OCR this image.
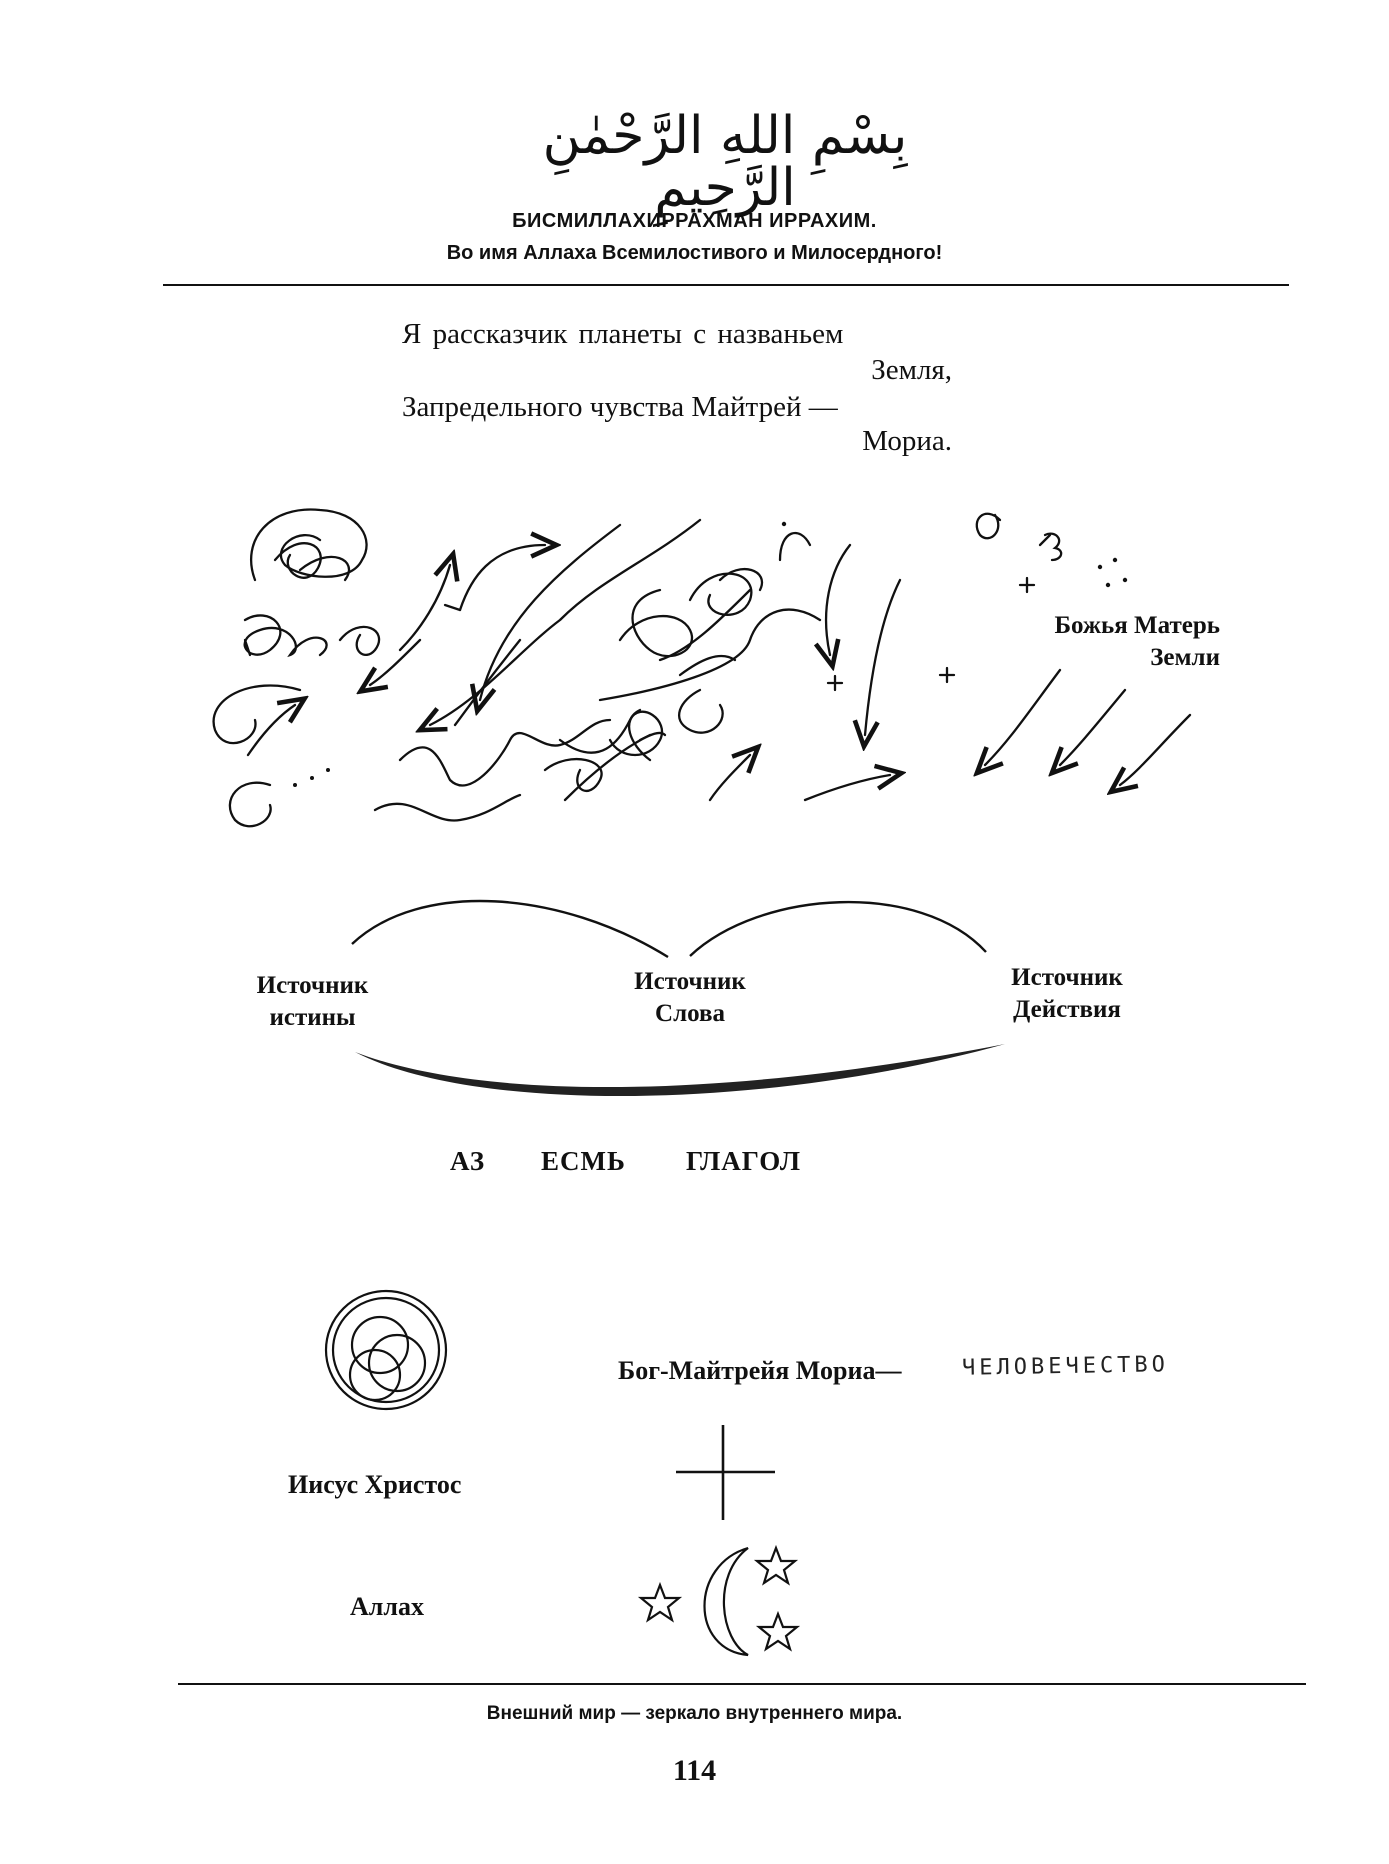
بِسْمِ اللهِ الرَّحْمٰنِ الرَّحِيمِ
БИСМИЛЛАХИРРАХМАН ИРРАХИМ.
Во имя Аллаха Всемилостивого и Милосердного!
Я рассказчик планеты с названьем
Земля,
Запредельного чувства Майтрей —
Мориа.
Божья Матерь
Земли
Источник
истины
Источник
Слова
Источник
Действия
АЗ ЕСМЬ ГЛАГОЛ
Бог-Майтрейя Мориа—	ЧЕЛОВЕЧЕСТВО
Иисус Христос
Аллах
Внешний мир — зеркало внутреннего мира.
114
